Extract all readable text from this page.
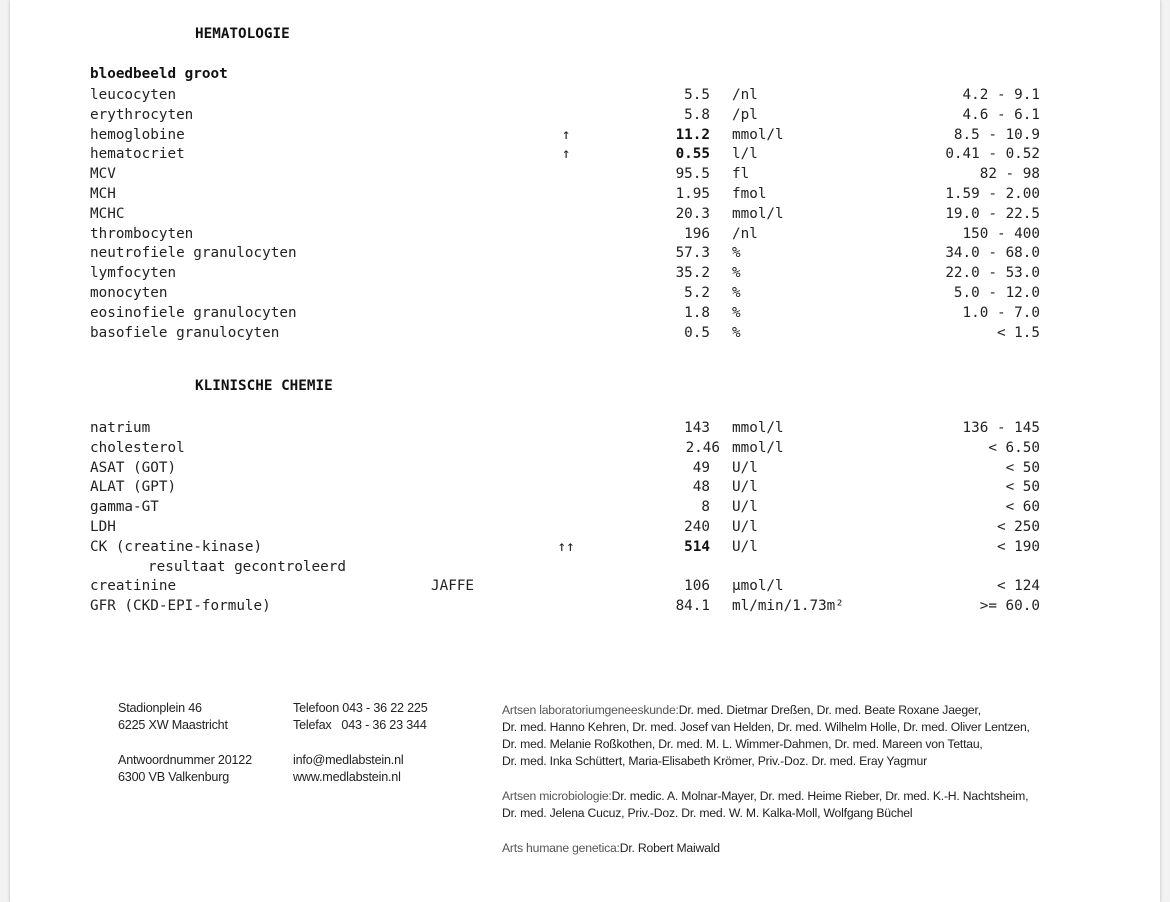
HEMATOLOGIE
bloedbeeld groot
leucocyten	5.5 /nl	4.2 - 9.1
erythrocyten	5.8 /pl	4.6 - 6.1
hemoglobine	↑	11.2 mmol/l	8.5 - 10.9
hematocriet	↑	0.55 l/l	0.41 - 0.52
MCV	95.5 fl	82 - 98
MCH	1.95 fmol	1.59 - 2.00
MCHC	20.3 mmol/l	19.0 - 22.5
thrombocyten	196 /nl	150 - 400
neutrofiele granulocyten	57.3 %	34.0 - 68.0
lymfocyten	35.2 %	22.0 - 53.0
monocyten	5.2 %	5.0 - 12.0
eosinofiele granulocyten	1.8 %	1.0 - 7.0
basofiele granulocyten	0.5 %	< 1.5
KLINISCHE CHEMIE
natrium	143 mmol/l	136 - 145
cholesterol	2.46 mmol/l	< 6.50
ASAT (GOT)	49 U/l	< 50
ALAT (GPT)	48 U/l	< 50
gamma-GT	8 U/l	< 60
LDH	240 U/l	< 250
CK (creatine-kinase)	↑↑	514 U/l	< 190
resultaat gecontroleerd
creatinine	JAFFE	106 µmol/l	< 124
GFR (CKD-EPI-formule)	84.1 ml/min/1.73m²	>= 60.0
Stadionplein 46
6225 XW Maastricht
Antwoordnummer 20122
6300 VB Valkenburg
Telefoon 043 - 36 22 225
Telefax   043 - 36 23 344
info@medlabstein.nl
www.medlabstein.nl
Artsen laboratoriumgeneeskunde:Dr. med. Dietmar Dreßen, Dr. med. Beate Roxane Jaeger,
Dr. med. Hanno Kehren, Dr. med. Josef van Helden, Dr. med. Wilhelm Holle, Dr. med. Oliver Lentzen,
Dr. med. Melanie Roßkothen, Dr. med. M. L. Wimmer-Dahmen, Dr. med. Mareen von Tettau,
Dr. med. Inka Schüttert, Maria-Elisabeth Krömer, Priv.-Doz. Dr. med. Eray Yagmur
Artsen microbiologie:Dr. medic. A. Molnar-Mayer, Dr. med. Heime Rieber, Dr. med. K.-H. Nachtsheim,
Dr. med. Jelena Cucuz, Priv.-Doz. Dr. med. W. M. Kalka-Moll, Wolfgang Büchel
Arts humane genetica:Dr. Robert Maiwald
